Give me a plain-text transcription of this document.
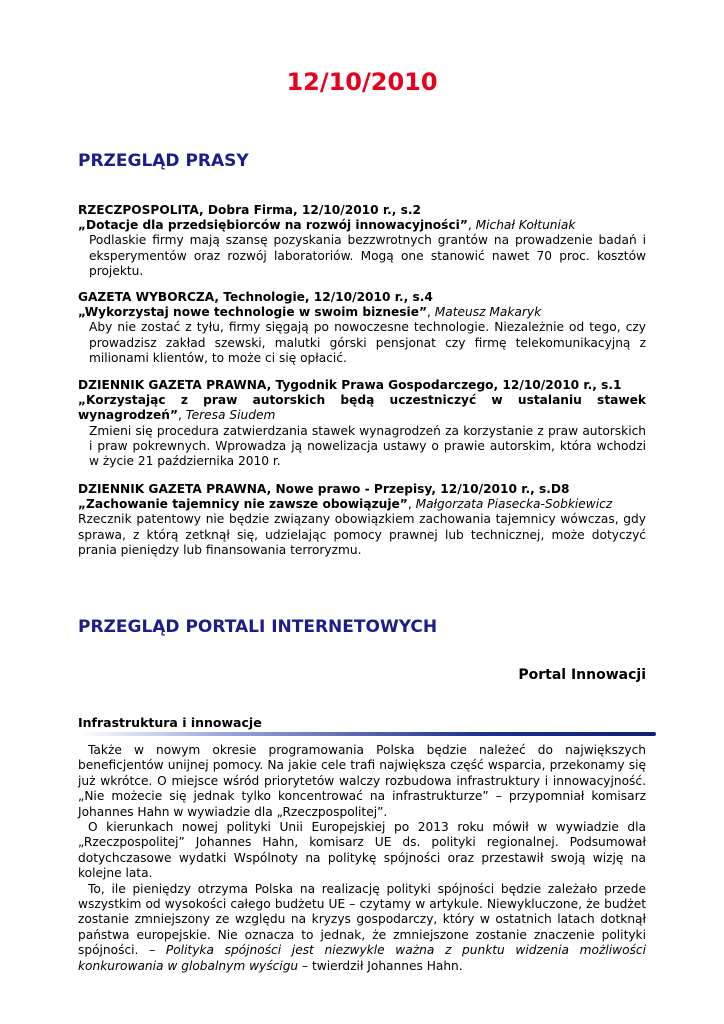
12/10/2010
PRZEGLĄD PRASY
RZECZPOSPOLITA, Dobra Firma, 12/10/2010 r., s.2
„Dotacje dla przedsiębiorców na rozwój innowacyjności”, Michał Kołtuniak
Podlaskie firmy mają szansę pozyskania bezzwrotnych grantów na prowadzenie badań i eksperymentów oraz rozwój laboratoriów. Mogą one stanowić nawet 70 proc. kosztów projektu.
GAZETA WYBORCZA, Technologie, 12/10/2010 r., s.4
„Wykorzystaj nowe technologie w swoim biznesie”, Mateusz Makaryk
Aby nie zostać z tyłu, firmy sięgają po nowoczesne technologie. Niezależnie od tego, czy prowadzisz zakład szewski, malutki górski pensjonat czy firmę telekomunikacyjną z milionami klientów, to może ci się opłacić.
DZIENNIK GAZETA PRAWNA, Tygodnik Prawa Gospodarczego, 12/10/2010 r., s.1
„Korzystając z praw autorskich będą uczestniczyć w ustalaniu stawek wynagrodzeń”, Teresa Siudem
Zmieni się procedura zatwierdzania stawek wynagrodzeń za korzystanie z praw autorskich i praw pokrewnych. Wprowadza ją nowelizacja ustawy o prawie autorskim, która wchodzi w życie 21 października 2010 r.
DZIENNIK GAZETA PRAWNA, Nowe prawo - Przepisy, 12/10/2010 r., s.D8
„Zachowanie tajemnicy nie zawsze obowiązuje”, Małgorzata Piasecka-Sobkiewicz
Rzecznik patentowy nie będzie związany obowiązkiem zachowania tajemnicy wówczas, gdy sprawa, z którą zetknął się, udzielając pomocy prawnej lub technicznej, może dotyczyć prania pieniędzy lub finansowania terroryzmu.
PRZEGLĄD PORTALI INTERNETOWYCH
Portal Innowacji
Infrastruktura i innowacje

Także w nowym okresie programowania Polska będzie należeć do największych beneficjentów unijnej pomocy. Na jakie cele trafi największa część wsparcia, przekonamy się już wkrótce. O miejsce wśród priorytetów walczy rozbudowa infrastruktury i innowacyjność. „Nie możecie się jednak tylko koncentrować na infrastrukturze” – przypomniał komisarz Johannes Hahn w wywiadzie dla „Rzeczpospolitej”.

O kierunkach nowej polityki Unii Europejskiej po 2013 roku mówił w wywiadzie dla „Rzeczpospolitej” Johannes Hahn, komisarz UE ds. polityki regionalnej. Podsumował dotychczasowe wydatki Wspólnoty na politykę spójności oraz przestawił swoją wizję na kolejne lata.

To, ile pieniędzy otrzyma Polska na realizację polityki spójności będzie zależało przede wszystkim od wysokości całego budżetu UE – czytamy w artykule. Niewykluczone, że budżet zostanie zmniejszony ze względu na kryzys gospodarczy, który w ostatnich latach dotknął państwa europejskie. Nie oznacza to jednak, że zmniejszone zostanie znaczenie polityki spójności. – Polityka spójności jest niezwykle ważna z punktu widzenia możliwości konkurowania w globalnym wyścigu – twierdził Johannes Hahn.
